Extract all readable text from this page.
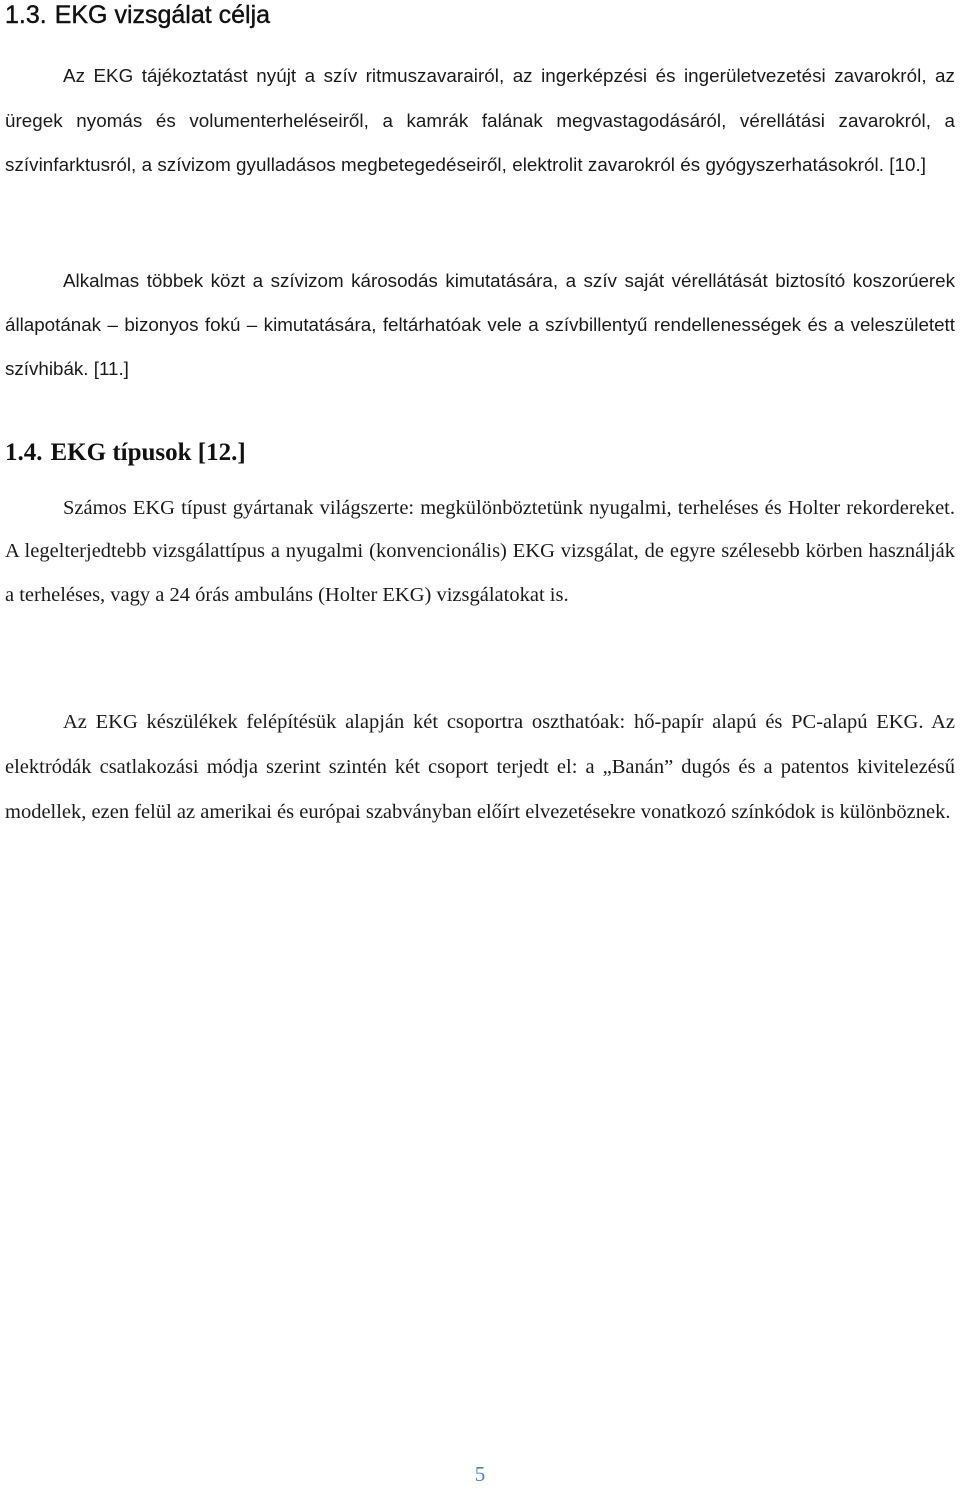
1.3. EKG vizsgálat célja

Az EKG tájékoztatást nyújt a szív ritmuszavarairól, az ingerképzési és ingerületvezetési zavarokról, az üregek nyomás és volumenterheléseiről, a kamrák falának megvastagodásáról, vérellátási zavarokról, a szívinfarktusról, a szívizom gyulladásos megbetegedéseiről, elektrolit zavarokról és gyógyszerhatásokról. [10.]

Alkalmas többek közt a szívizom károsodás kimutatására, a szív saját vérellátását biztosító koszorúerek állapotának – bizonyos fokú – kimutatására, feltárhatóak vele a szívbillentyű rendellenességek és a veleszületett szívhibák. [11.]

1.4. EKG típusok [12.]

Számos EKG típust gyártanak világszerte: megkülönböztetünk nyugalmi, terheléses és Holter rekordereket. A legelterjedtebb vizsgálattípus a nyugalmi (konvencionális) EKG vizsgálat, de egyre szélesebb körben használják a terheléses, vagy a 24 órás ambuláns (Holter EKG) vizsgálatokat is.

Az EKG készülékek felépítésük alapján két csoportra oszthatóak: hő-papír alapú és PC-alapú EKG. Az elektródák csatlakozási módja szerint szintén két csoport terjedt el: a „Banán” dugós és a patentos kivitelezésű modellek, ezen felül az amerikai és európai szabványban előírt elvezetésekre vonatkozó színkódok is különböznek.

5
